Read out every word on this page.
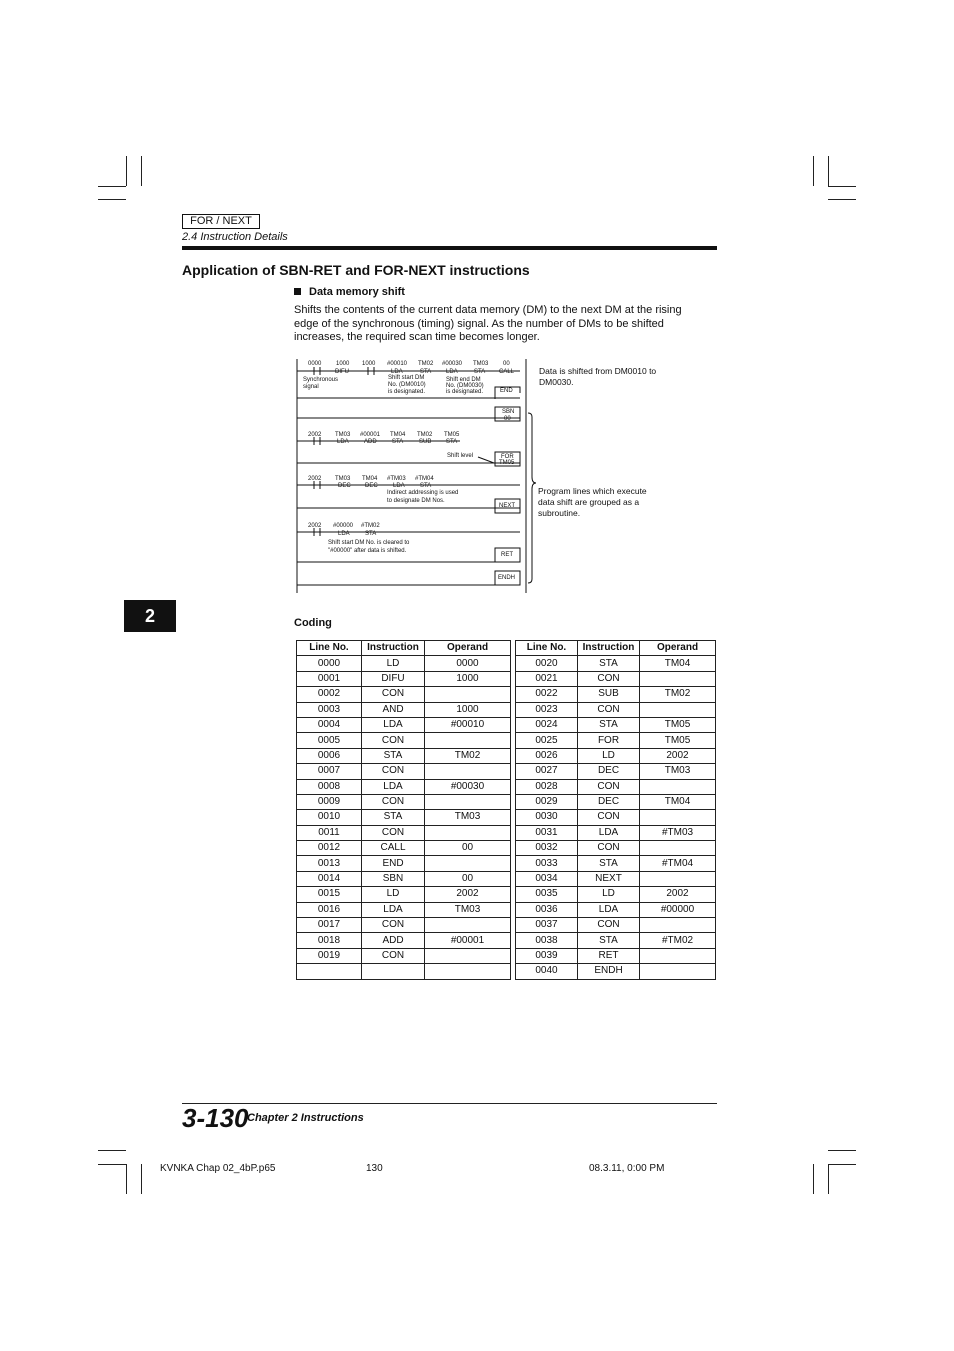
FOR / NEXT
2.4 Instruction Details
Application of SBN-RET and FOR-NEXT instructions
Data memory shift
Shifts the contents of the current data memory (DM) to the next DM at the rising edge of the synchronous (timing) signal. As the number of DMs to be shifted increases, the required scan time becomes longer.
0000 1000 1000
DIFU
#00010
LDA
TM02
STA
#00030
LDA
TM03
STA
00
CALL
Synchronous
signal
Shift start DM
No. (DM0010)
is designated.
Shift end DM
No. (DM0030)
is designated.	END
SBN
00
2002 TM03
LDA
#00001
ADD
TM04
STA
TM02
SUB
TM05
STA
Shift level	FOR
TM05
2002 TM03
DEC
TM04
DEC
#TM03
LDA
#TM04
STA
Indirect addressing is used
to designate DM Nos.
NEXT
2002 #00000
LDA
#TM02
STA
Shift start DM No. is cleared to
"#00000" after data is shifted.
RET
ENDH
Data is shifted from DM0010 to
DM0030.
Program lines which execute
data shift are grouped as a
subroutine.
Coding
Line No.	Instruction	Operand		Line No.	Instruction	Operand
0000	LD	0000		0020	STA	TM04
0001	DIFU	1000		0021	CON	
0002	CON			0022	SUB	TM02
0003	AND	1000		0023	CON	
0004	LDA	#00010		0024	STA	TM05
0005	CON			0025	FOR	TM05
0006	STA	TM02		0026	LD	2002
0007	CON			0027	DEC	TM03
0008	LDA	#00030		0028	CON	
0009	CON			0029	DEC	TM04
0010	STA	TM03		0030	CON	
0011	CON			0031	LDA	#TM03
0012	CALL	00		0032	CON	
0013	END			0033	STA	#TM04
0014	SBN	00		0034	NEXT	
0015	LD	2002		0035	LD	2002
0016	LDA	TM03		0036	LDA	#00000
0017	CON			0037	CON	
0018	ADD	#00001		0038	STA	#TM02
0019	CON			0039	RET	
				0040	ENDH	
2
3-130
Chapter 2 Instructions
KVNKA Chap 02_4bP.p65	130	08.3.11, 0:00 PM
